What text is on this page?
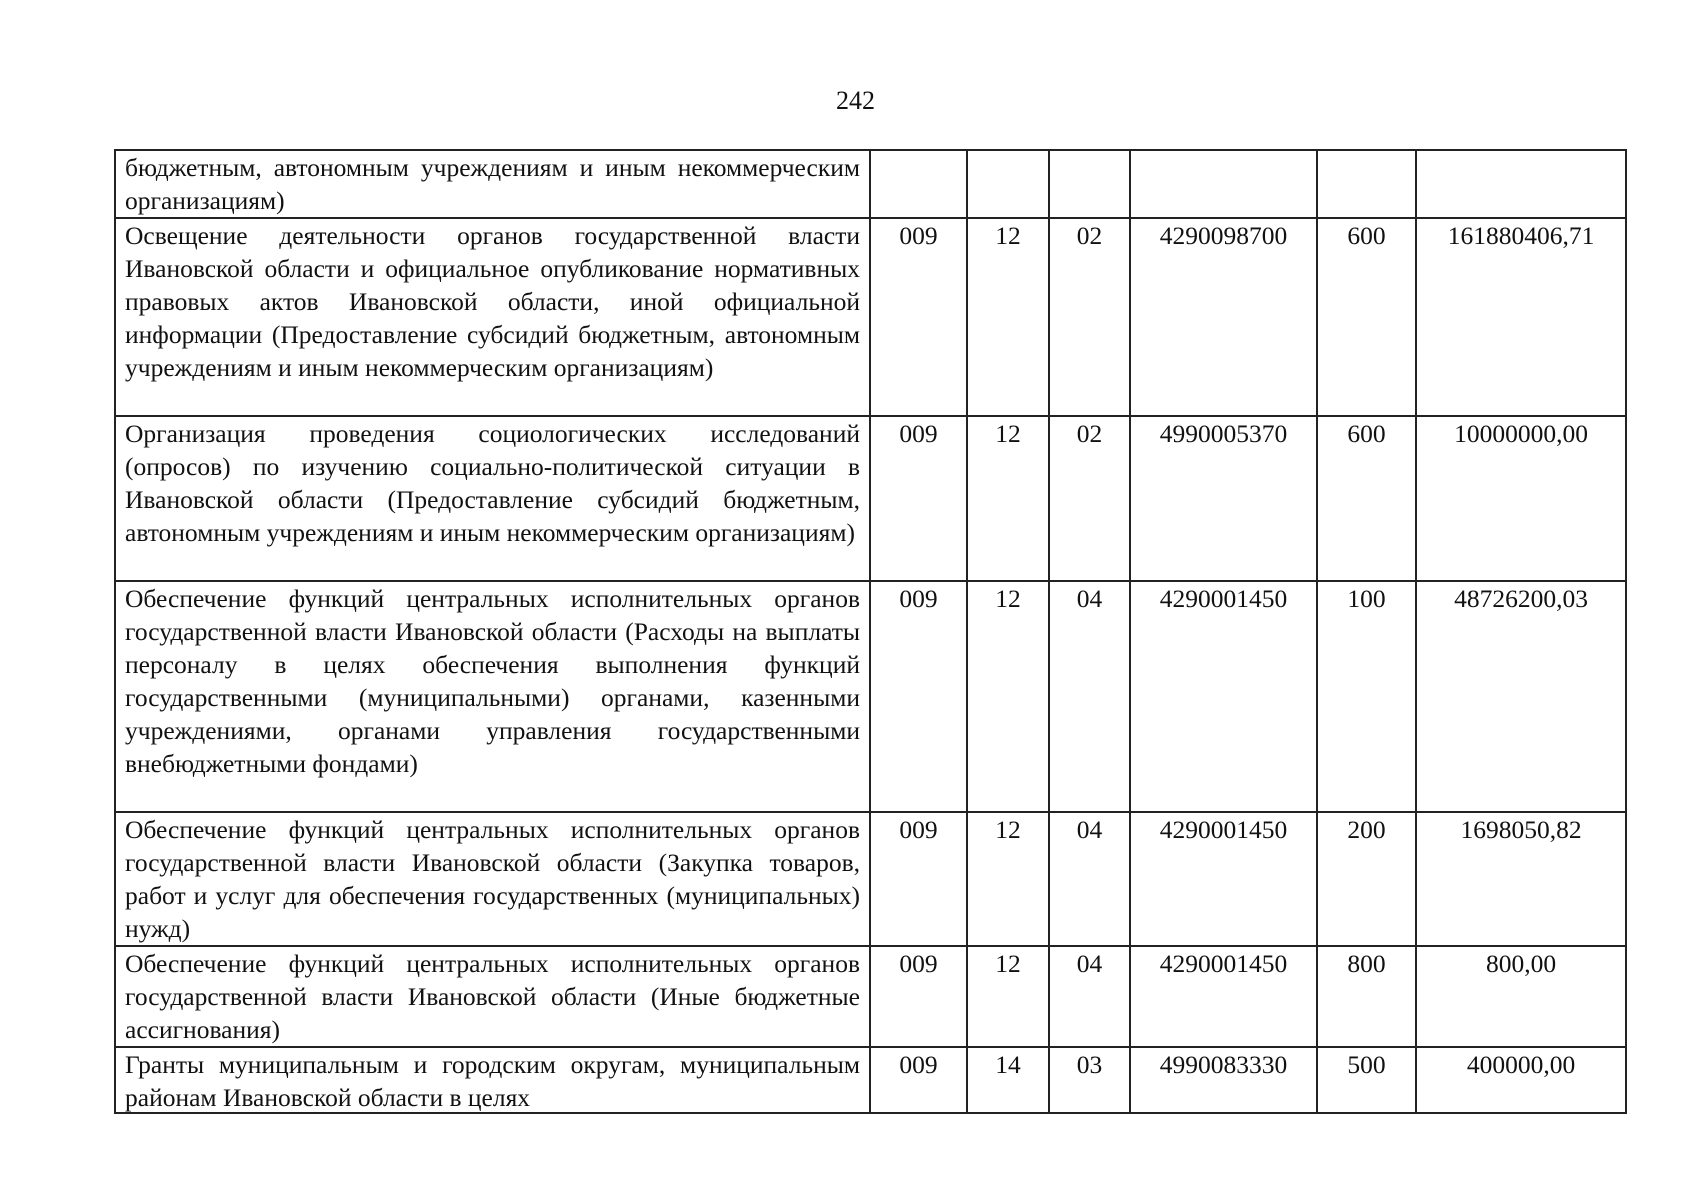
242
бюджетным, автономным учреждениям и иным некоммерческим организациям)						
Освещение деятельности органов государственной власти Ивановской области и официальное опубликование нормативных правовых актов Ивановской области, иной официальной информации (Предоставление субсидий бюджетным, автономным учреждениям и иным некоммерческим организациям)	009	12	02	4290098700	600	161880406,71
Организация проведения социологических исследований (опросов) по изучению социально-политической ситуации в Ивановской области (Предоставление субсидий бюджетным, автономным учреждениям и иным некоммерческим организациям)	009	12	02	4990005370	600	10000000,00
Обеспечение функций центральных исполнительных органов государственной власти Ивановской области (Расходы на выплаты персоналу в целях обеспечения выполнения функций государственными (муниципальными) органами, казенными учреждениями, органами управления государственными внебюджетными фондами)	009	12	04	4290001450	100	48726200,03
Обеспечение функций центральных исполнительных органов государственной власти Ивановской области (Закупка товаров, работ и услуг для обеспечения государственных (муниципальных) нужд)	009	12	04	4290001450	200	1698050,82
Обеспечение функций центральных исполнительных органов государственной власти Ивановской области (Иные бюджетные ассигнования)	009	12	04	4290001450	800	800,00

Гранты муниципальным и городским округам, муниципальным районам Ивановской области в целях	009	14	03	4990083330	500	400000,00
